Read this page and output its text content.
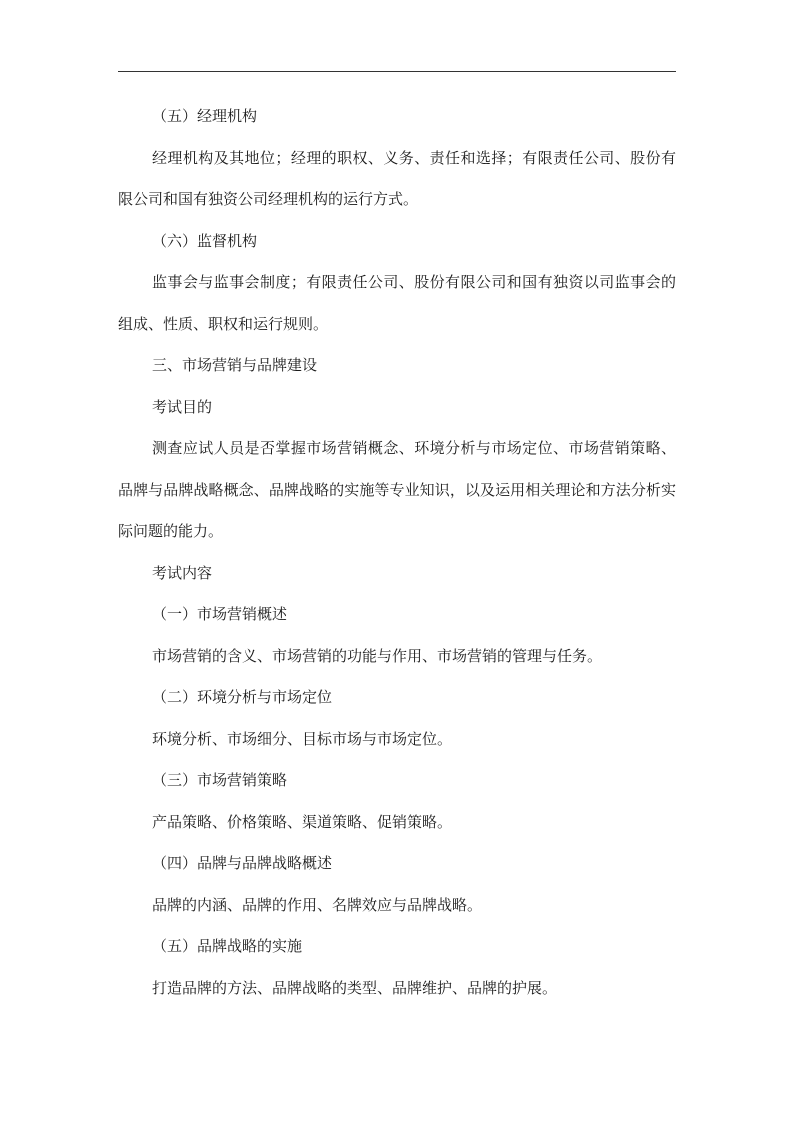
（五）经理机构

经理机构及其地位；经理的职权、义务、责任和选择；有限责任公司、股份有限公司和国有独资公司经理机构的运行方式。

（六）监督机构

监事会与监事会制度；有限责任公司、股份有限公司和国有独资以司监事会的组成、性质、职权和运行规则。

三、市场营销与品牌建设

考试目的

测查应试人员是否掌握市场营销概念、环境分析与市场定位、市场营销策略、品牌与品牌战略概念、品牌战略的实施等专业知识，以及运用相关理论和方法分析实际问题的能力。

考试内容

（一）市场营销概述

市场营销的含义、市场营销的功能与作用、市场营销的管理与任务。

（二）环境分析与市场定位

环境分析、市场细分、目标市场与市场定位。

（三）市场营销策略

产品策略、价格策略、渠道策略、促销策略。

（四）品牌与品牌战略概述

品牌的内涵、品牌的作用、名牌效应与品牌战略。

（五）品牌战略的实施

打造品牌的方法、品牌战略的类型、品牌维护、品牌的护展。
